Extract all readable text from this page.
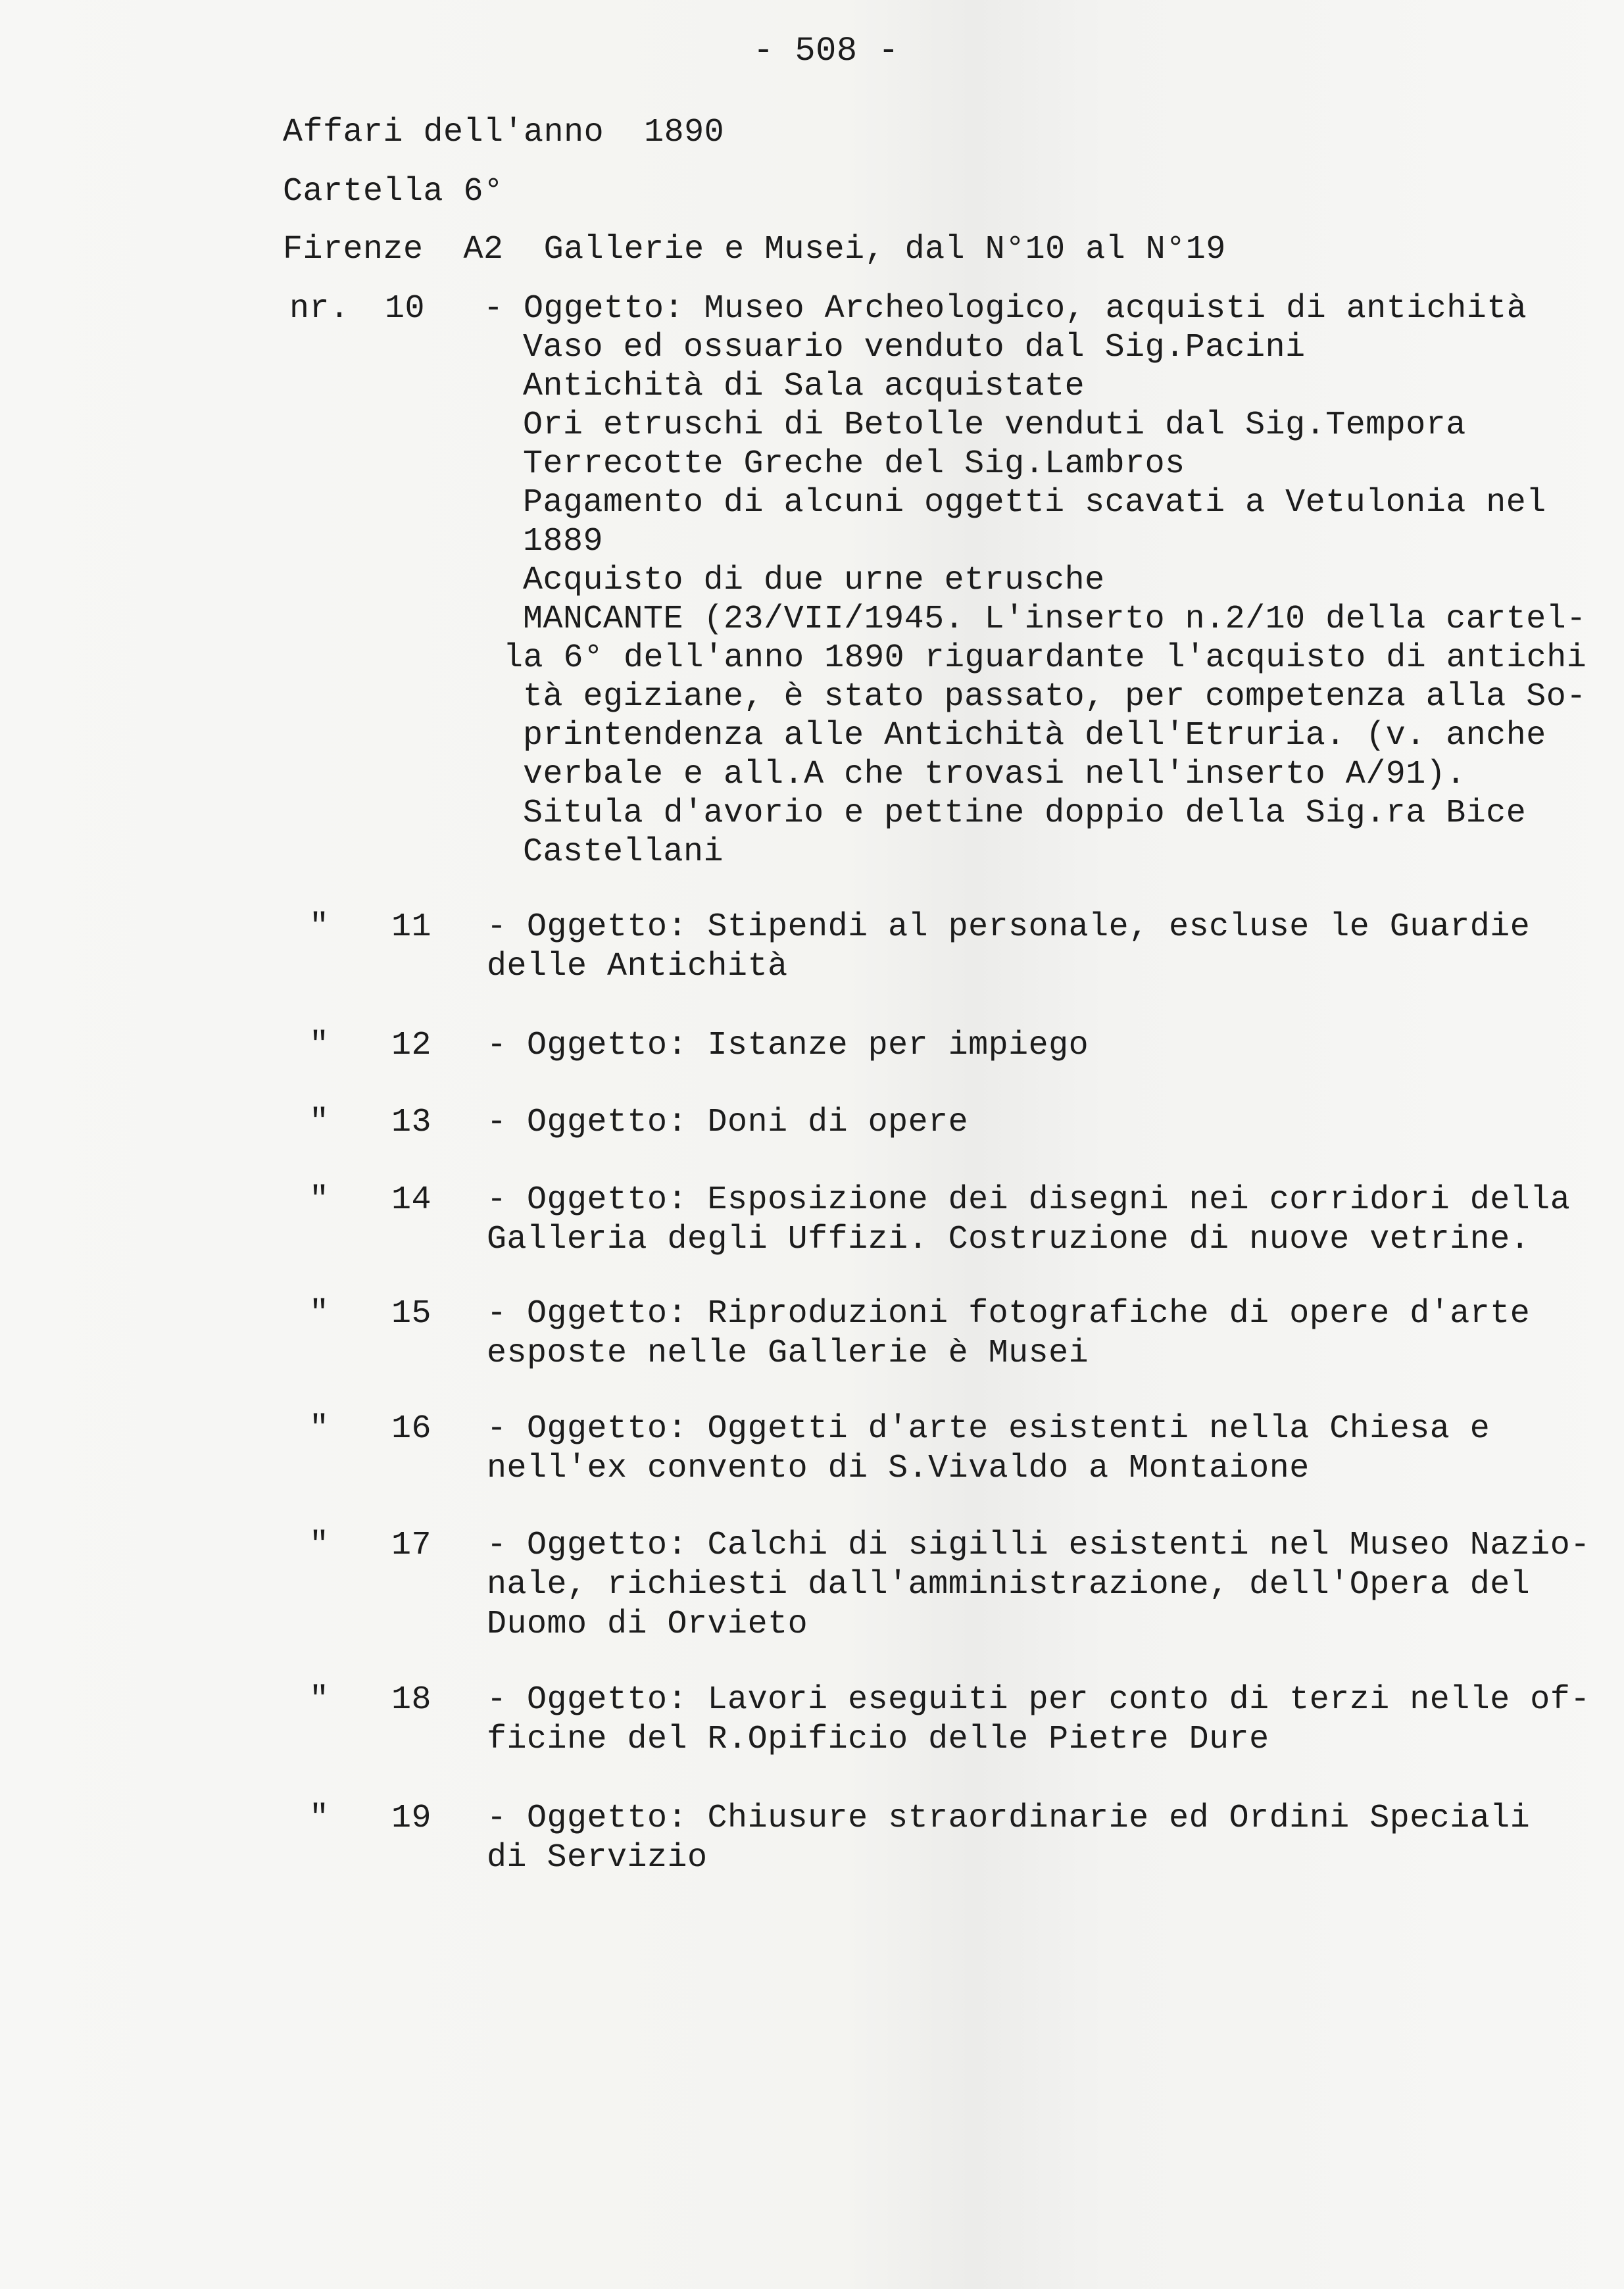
- 508 -
Affari dell'anno  1890
Cartella 6°
Firenze  A2  Gallerie e Musei, dal N°10 al N°19
nr. 10 - Oggetto: Museo Archeologico, acquisti di antichità
Vaso ed ossuario venduto dal Sig.Pacini
Antichità di Sala acquistate
Ori etruschi di Betolle venduti dal Sig.Tempora
Terrecotte Greche del Sig.Lambros
Pagamento di alcuni oggetti scavati a Vetulonia nel
1889
Acquisto di due urne etrusche
MANCANTE (23/VII/1945. L'inserto n.2/10 della cartel-
la 6° dell'anno 1890 riguardante l'acquisto di antichi
tà egiziane, è stato passato, per competenza alla So-
printendenza alle Antichità dell'Etruria. (v. anche
verbale e all.A che trovasi nell'inserto A/91).
Situla d'avorio e pettine doppio della Sig.ra Bice
Castellani
" 11 - Oggetto: Stipendi al personale, escluse le Guardie
delle Antichità
" 12 - Oggetto: Istanze per impiego
" 13 - Oggetto: Doni di opere
" 14 - Oggetto: Esposizione dei disegni nei corridori della
Galleria degli Uffizi. Costruzione di nuove vetrine.
" 15 - Oggetto: Riproduzioni fotografiche di opere d'arte
esposte nelle Gallerie è Musei
" 16 - Oggetto: Oggetti d'arte esistenti nella Chiesa e
nell'ex convento di S.Vivaldo a Montaione
" 17 - Oggetto: Calchi di sigilli esistenti nel Museo Nazio-
nale, richiesti dall'amministrazione, dell'Opera del
Duomo di Orvieto
" 18 - Oggetto: Lavori eseguiti per conto di terzi nelle of-
ficine del R.Opificio delle Pietre Dure
" 19 - Oggetto: Chiusure straordinarie ed Ordini Speciali
di Servizio
